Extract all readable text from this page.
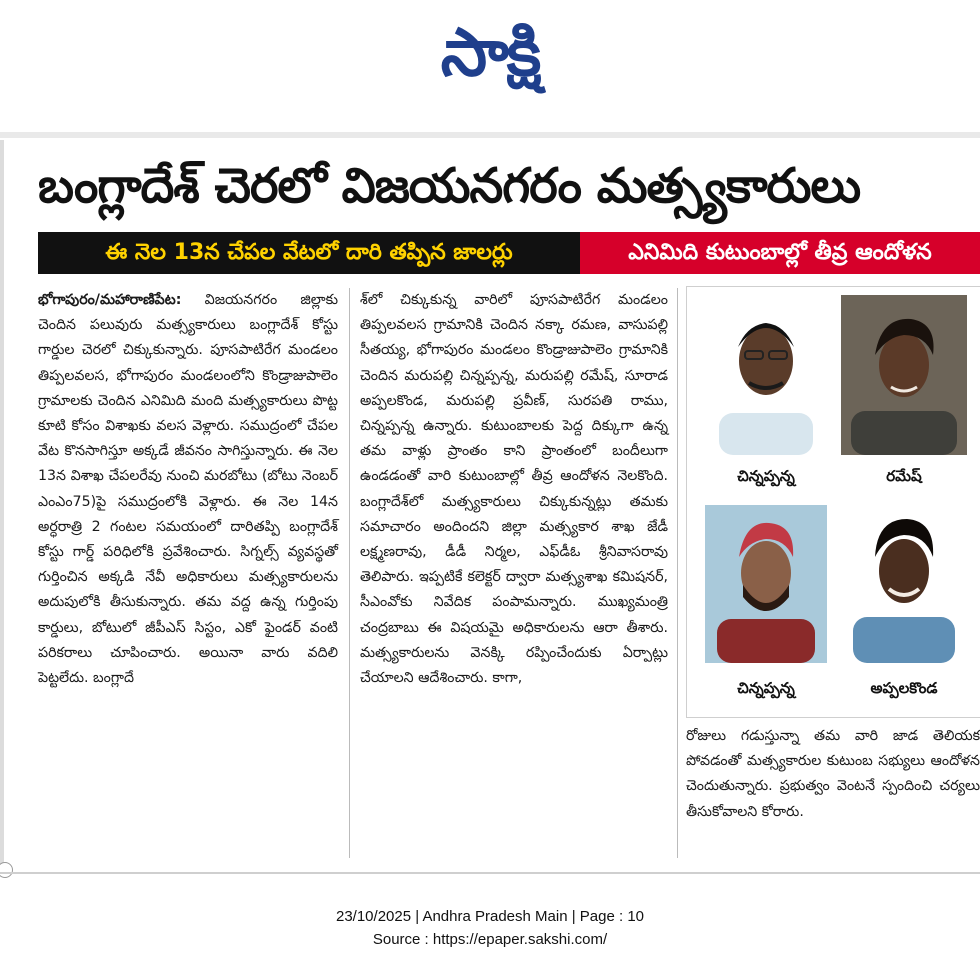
సాక్షి
బంగ్లాదేశ్ చెరలో విజయనగరం మత్స్యకారులు
ఈ నెల 13న చేపల వేటలో దారి తప్పిన జాలర్లు	ఎనిమిది కుటుంబాల్లో తీవ్ర ఆందోళన

భోగాపురం/మహారాణిపేట: విజయనగరం జిల్లాకు చెందిన పలువురు మత్స్యకారులు బంగ్లాదేశ్ కోస్టు గార్డుల చెరలో చిక్కుకున్నారు. పూసపాటిరేగ మండలం తిప్పలవలస, భోగాపురం మండలంలోని కొండ్రాజుపాలెం గ్రామాలకు చెందిన ఎనిమిది మంది మత్స్యకారులు పొట్ట కూటి కోసం విశాఖకు వలస వెళ్లారు. సముద్రంలో చేపల వేట కొనసాగిస్తూ అక్కడే జీవనం సాగిస్తున్నారు. ఈ నెల 13న విశాఖ చేపలరేవు నుంచి మరబోటు (బోటు నెంబర్ ఎంఎం75)పై సముద్రంలోకి వెళ్లారు. ఈ నెల 14న అర్ధరాత్రి 2 గంటల సమయంలో దారితప్పి బంగ్లాదేశ్ కోస్టు గార్డ్ పరిధిలోకి ప్రవేశించారు. సిగ్నల్స్ వ్యవస్థతో గుర్తించిన అక్కడి నేవీ అధికారులు మత్స్యకారులను అదుపులోకి తీసుకున్నారు. తమ వద్ద ఉన్న గుర్తింపు కార్డులు, బోటులో జీపీఎస్ సిస్టం, ఎకో ఫైండర్ వంటి పరికరాలు చూపించారు. అయినా వారు వదిలి పెట్టలేదు. బంగ్లాదే

శ్‌లో చిక్కుకున్న వారిలో పూసపాటిరేగ మండలం తిప్పలవలస గ్రామానికి చెందిన నక్కా రమణ, వాసుపల్లి సీతయ్య, భోగాపురం మండలం కొండ్రాజుపాలెం గ్రామానికి చెందిన మరుపల్లి చిన్నప్పన్న, మరుపల్లి రమేష్, సూరాడ అప్పలకొండ, మరుపల్లి ప్రవీణ్, సురపతి రాము, చిన్నప్పన్న ఉన్నారు. కుటుంబాలకు పెద్ద దిక్కుగా ఉన్న తమ వాళ్లు ప్రాంతం కాని ప్రాంతంలో బందీలుగా ఉండడంతో వారి కుటుంబాల్లో తీవ్ర ఆందోళన నెలకొంది. బంగ్లాదేశ్‌లో మత్స్యకారులు చిక్కుకున్నట్లు తమకు సమాచారం అందిందని జిల్లా మత్స్యకార శాఖ జేడీ లక్ష్మణరావు, డీడీ నిర్మల, ఎఫ్‌డీఓ శ్రీనివాసరావు తెలిపారు. ఇప్పటికే కలెక్టర్ ద్వారా మత్స్యశాఖ కమిషనర్, సీఎంవోకు నివేదిక పంపామన్నారు. ముఖ్యమంత్రి చంద్రబాబు ఈ విషయమై అధికారులను ఆరా తీశారు. మత్స్యకారులను వెనక్కి రప్పించేందుకు ఏర్పాట్లు చేయాలని ఆదేశించారు. కాగా,

చిన్నప్పన్న	రమేష్
చిన్నప్పన్న	అప్పలకొండ

రోజులు గడుస్తున్నా తమ వారి జాడ తెలియక పోవడంతో మత్స్యకారుల కుటుంబ సభ్యులు ఆందోళన చెందుతున్నారు. ప్రభుత్వం వెంటనే స్పందించి చర్యలు తీసుకోవాలని కోరారు.

23/10/2025 | Andhra Pradesh Main | Page : 10
Source : https://epaper.sakshi.com/
